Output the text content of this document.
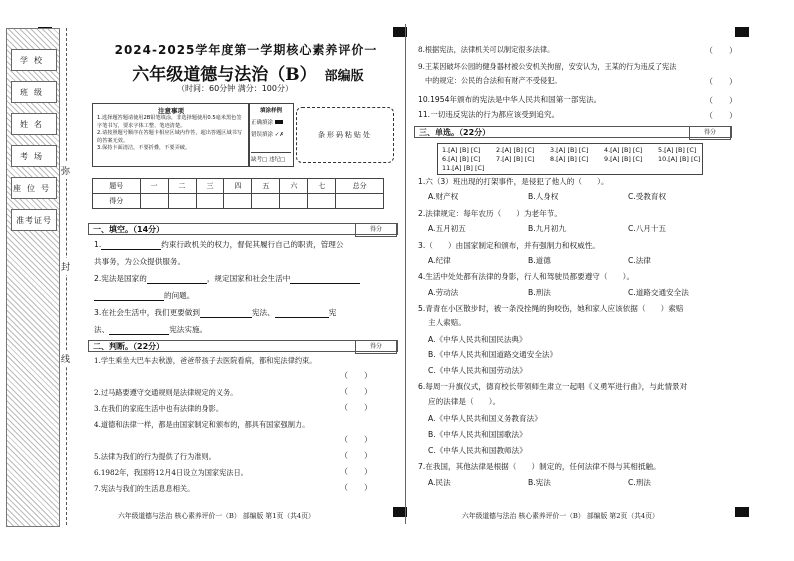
学校
班级
姓名
考场
座位号
准考证号
弥
封
线
2024-2025学年度第一学期核心素养评价一
六年级道德与法治（B） 部编版
（时间：60分钟 满分：100分）
注意事项
1.选择题答题请使用2B铅笔填涂，非选择题使用0.5毫米黑色签字笔书写，要求字体工整、笔迹清楚。
2.请按照题号顺序在答题卡相应区域内作答，超出答题区域书写的答案无效。
3.保持卡面清洁，不要折叠，不要弄破。
填涂样例
正确填涂
错误填涂 ✓✗
缺考□ 违纪□
条形码粘贴处
题号	一	二	三	四	五	六	七	总分
得分								
一、填空。（14分）	得分
1.	约束行政机关的权力，督促其履行自己的职责，管理公
共事务，为公众提供服务。
2.宪法是国家的	，规定国家和社会生活中
的问题。
3.在社会生活中，我们更要做到	宪法、	宪
法、	宪法实施。
二、判断。（22分）	得分
1.学生乘坐大巴车去秋游，爸爸带孩子去医院看病，都和宪法律约束。
（　　）
2.过马路要遵守交通规则是法律规定的义务。	（　　）
3.在我们的家庭生活中也有法律的身影。	（　　）
4.道德和法律一样，都是由国家制定和颁布的，都具有国家强制力。
（　　）
5.法律为我们的行为提供了行为准则。	（　　）
6.1982年，我国将12月4日设立为国家宪法日。	（　　）
7.宪法与我们的生活息息相关。	（　　）
六年级道德与法治 核心素养评价一（B） 部编版 第1页（共4页）
8.根据宪法，法律机关可以制定很多法律。	（　　）
9.王某因破坏公园的健身器材被公安机关拘留，安安认为，王某的行为违反了宪法
中的规定：公民的合法和有财产不受侵犯。	（　　）
10.1954年颁布的宪法是中华人民共和国第一部宪法。	（　　）
11.一切违反宪法的行为都应该受到追究。	（　　）
三、单选。（22分）	得分
1.[A] [B] [C] 2.[A] [B] [C] 3.[A] [B] [C] 4.[A] [B] [C] 5.[A] [B] [C]
6.[A] [B] [C] 7.[A] [B] [C] 8.[A] [B] [C] 9.[A] [B] [C] 10.[A] [B] [C]
11.[A] [B] [C]
1.六（3）班出现的打架事件，是侵犯了他人的（　　）。
A.财产权	B.人身权	C.受教育权
2.法律规定：每年农历（　　）为老年节。
A.五月初五	B.九月初九	C.八月十五
3.（　　）由国家制定和颁布，并有强制力和权威性。
A.纪律	B.道德	C.法律
4.生活中处处都有法律的身影，行人和驾驶员都要遵守（　　）。
A.劳动法	B.刑法	C.道路交通安全法
5.青青在小区散步时，被一条没拴绳的狗咬伤，她和家人应该依据（　　）索赔
主人索赔。
A.《中华人民共和国民法典》
B.《中华人民共和国道路交通安全法》
C.《中华人民共和国劳动法》
6.每周一升旗仪式，德育校长带领师生肃立一起唱《义勇军进行曲》，与此情景对
应的法律是（　　）。
A.《中华人民共和国义务教育法》
B.《中华人民共和国国歌法》
C.《中华人民共和国教师法》
7.在我国，其他法律是根据（　　）制定的，任何法律不得与其相抵触。
A.民法	B.宪法	C.刑法
六年级道德与法治 核心素养评价一（B） 部编版 第2页（共4页）
